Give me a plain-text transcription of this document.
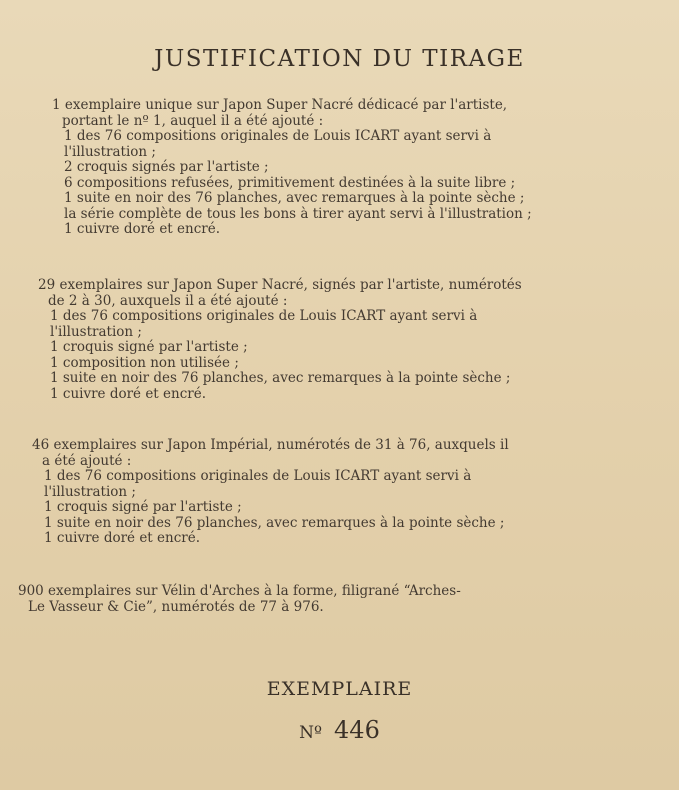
JUSTIFICATION DU TIRAGE
1 exemplaire unique sur Japon Super Nacré dédicacé par l'artiste,
portant le nº 1, auquel il a été ajouté :
1 des 76 compositions originales de Louis ICART ayant servi à
l'illustration ;
2 croquis signés par l'artiste ;
6 compositions refusées, primitivement destinées à la suite libre ;
1 suite en noir des 76 planches, avec remarques à la pointe sèche ;
la série complète de tous les bons à tirer ayant servi à l'illustration ;
1 cuivre doré et encré.
29 exemplaires sur Japon Super Nacré, signés par l'artiste, numérotés
de 2 à 30, auxquels il a été ajouté :
1 des 76 compositions originales de Louis ICART ayant servi à
l'illustration ;
1 croquis signé par l'artiste ;
1 composition non utilisée ;
1 suite en noir des 76 planches, avec remarques à la pointe sèche ;
1 cuivre doré et encré.
46 exemplaires sur Japon Impérial, numérotés de 31 à 76, auxquels il
a été ajouté :
1 des 76 compositions originales de Louis ICART ayant servi à
l'illustration ;
1 croquis signé par l'artiste ;
1 suite en noir des 76 planches, avec remarques à la pointe sèche ;
1 cuivre doré et encré.
900 exemplaires sur Vélin d'Arches à la forme, filigrané “Arches-
Le Vasseur & Cie”, numérotés de 77 à 976.
EXEMPLAIRE
Nº 446
